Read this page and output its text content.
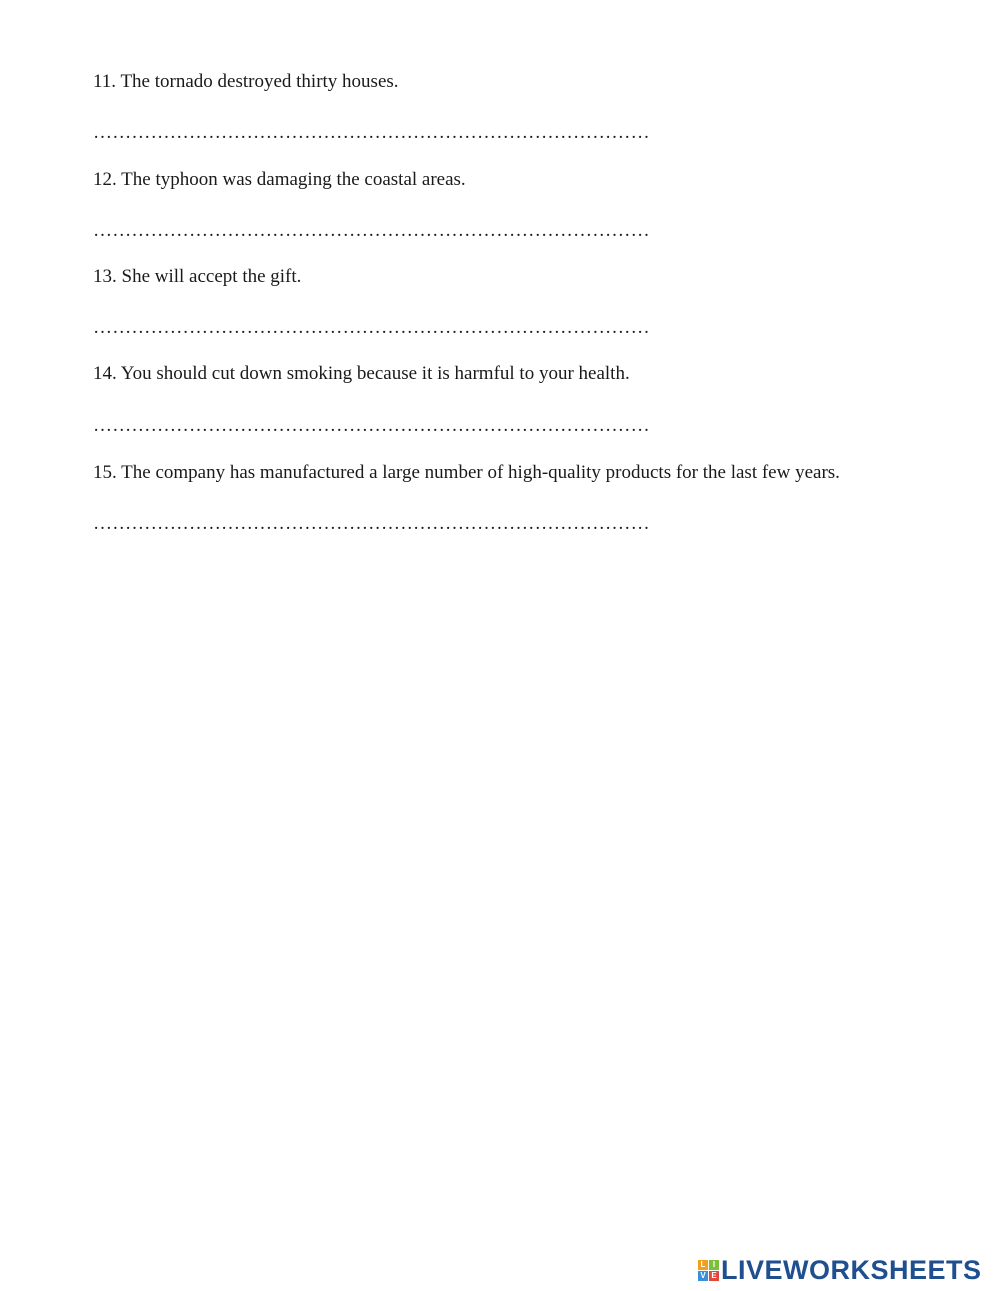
11. The tornado destroyed thirty houses.
……………………………………………………………………………
12. The typhoon was damaging the coastal areas.
……………………………………………………………………………
13. She will accept the gift.
……………………………………………………………………………
14. You should cut down smoking because it is harmful to your health.
……………………………………………………………………………
15. The company has manufactured a large number of high-quality products for the last few years.
……………………………………………………………………………
L I
V E LIVEWORKSHEETS
